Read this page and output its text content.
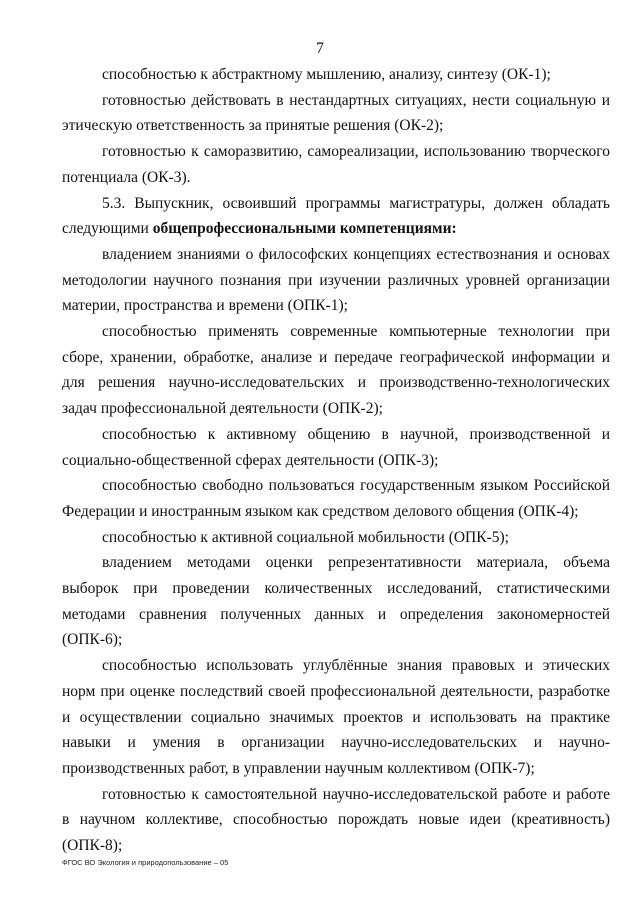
7

способностью к абстрактному мышлению, анализу, синтезу (ОК-1);

готовностью действовать в нестандартных ситуациях, нести социальную и этическую ответственность за принятые решения (ОК-2);

готовностью к саморазвитию, самореализации, использованию творческого потенциала (ОК-3).

5.3. Выпускник, освоивший программы магистратуры, должен обладать следующими общепрофессиональными компетенциями:

владением знаниями о философских концепциях естествознания и основах методологии научного познания при изучении различных уровней организации материи, пространства и времени (ОПК-1);

способностью применять современные компьютерные технологии при сборе, хранении, обработке, анализе и передаче географической информации и для решения научно-исследовательских и производственно-технологических задач профессиональной деятельности (ОПК-2);

способностью к активному общению в научной, производственной и социально-общественной сферах деятельности (ОПК-3);

способностью свободно пользоваться государственным языком Российской Федерации и иностранным языком как средством делового общения (ОПК-4);

способностью к активной социальной мобильности (ОПК-5);

владением методами оценки репрезентативности материала, объема выборок при проведении количественных исследований, статистическими методами сравнения полученных данных и определения закономерностей (ОПК-6);

способностью использовать углублённые знания правовых и этических норм при оценке последствий своей профессиональной деятельности, разработке и осуществлении социально значимых проектов и использовать на практике навыки и умения в организации научно-исследовательских и научно-производственных работ, в управлении научным коллективом (ОПК-7);

готовностью к самостоятельной научно-исследовательской работе и работе в научном коллективе, способностью порождать новые идеи (креативность) (ОПК-8);

ФГОС ВО Экология и природопользование – 05
